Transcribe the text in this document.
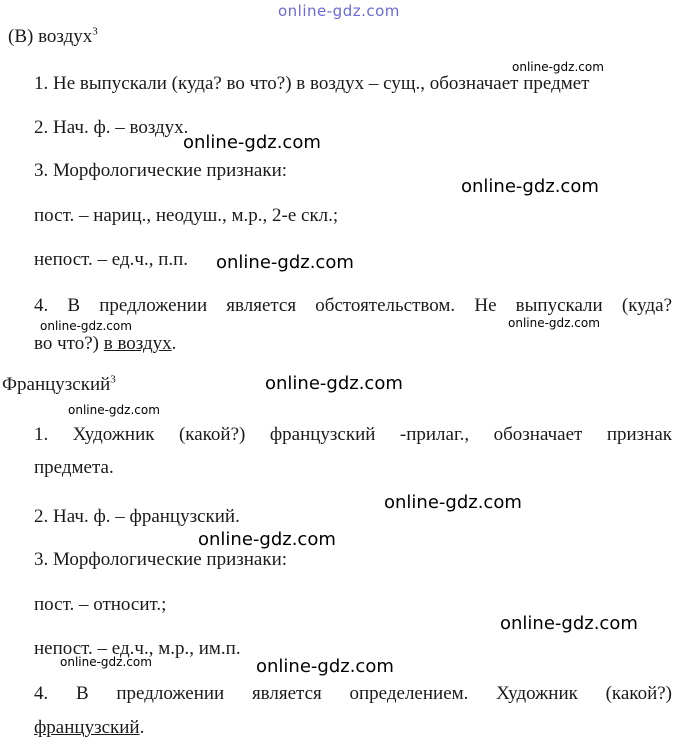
online-gdz.com
(В) воздух$^3$
online-gdz.com
1. Не выпускали (куда? во что?) в воздух – сущ., обозначает предмет
2. Нач. ф. – воздух.
online-gdz.com
3. Морфологические признаки:
online-gdz.com
пост. – нариц., неодуш., м.р., 2-е скл.;
непост. – ед.ч., п.п. online-gdz.com
4. В предложении является обстоятельством. Не выпускали (куда?
online-gdz.com
online-gdz.com
во что?) в воздух.
Французский$^3$	online-gdz.com
online-gdz.com
1. Художник (какой?) французский -прилаг., обозначает признак
предмета.
online-gdz.com
2. Нач. ф. – французский.
online-gdz.com
3. Морфологические признаки:
пост. – относит.;
online-gdz.com
непост. – ед.ч., м.р., им.п.
online-gdz.com	online-gdz.com
4. В предложении является определением. Художник (какой?)
французский.
